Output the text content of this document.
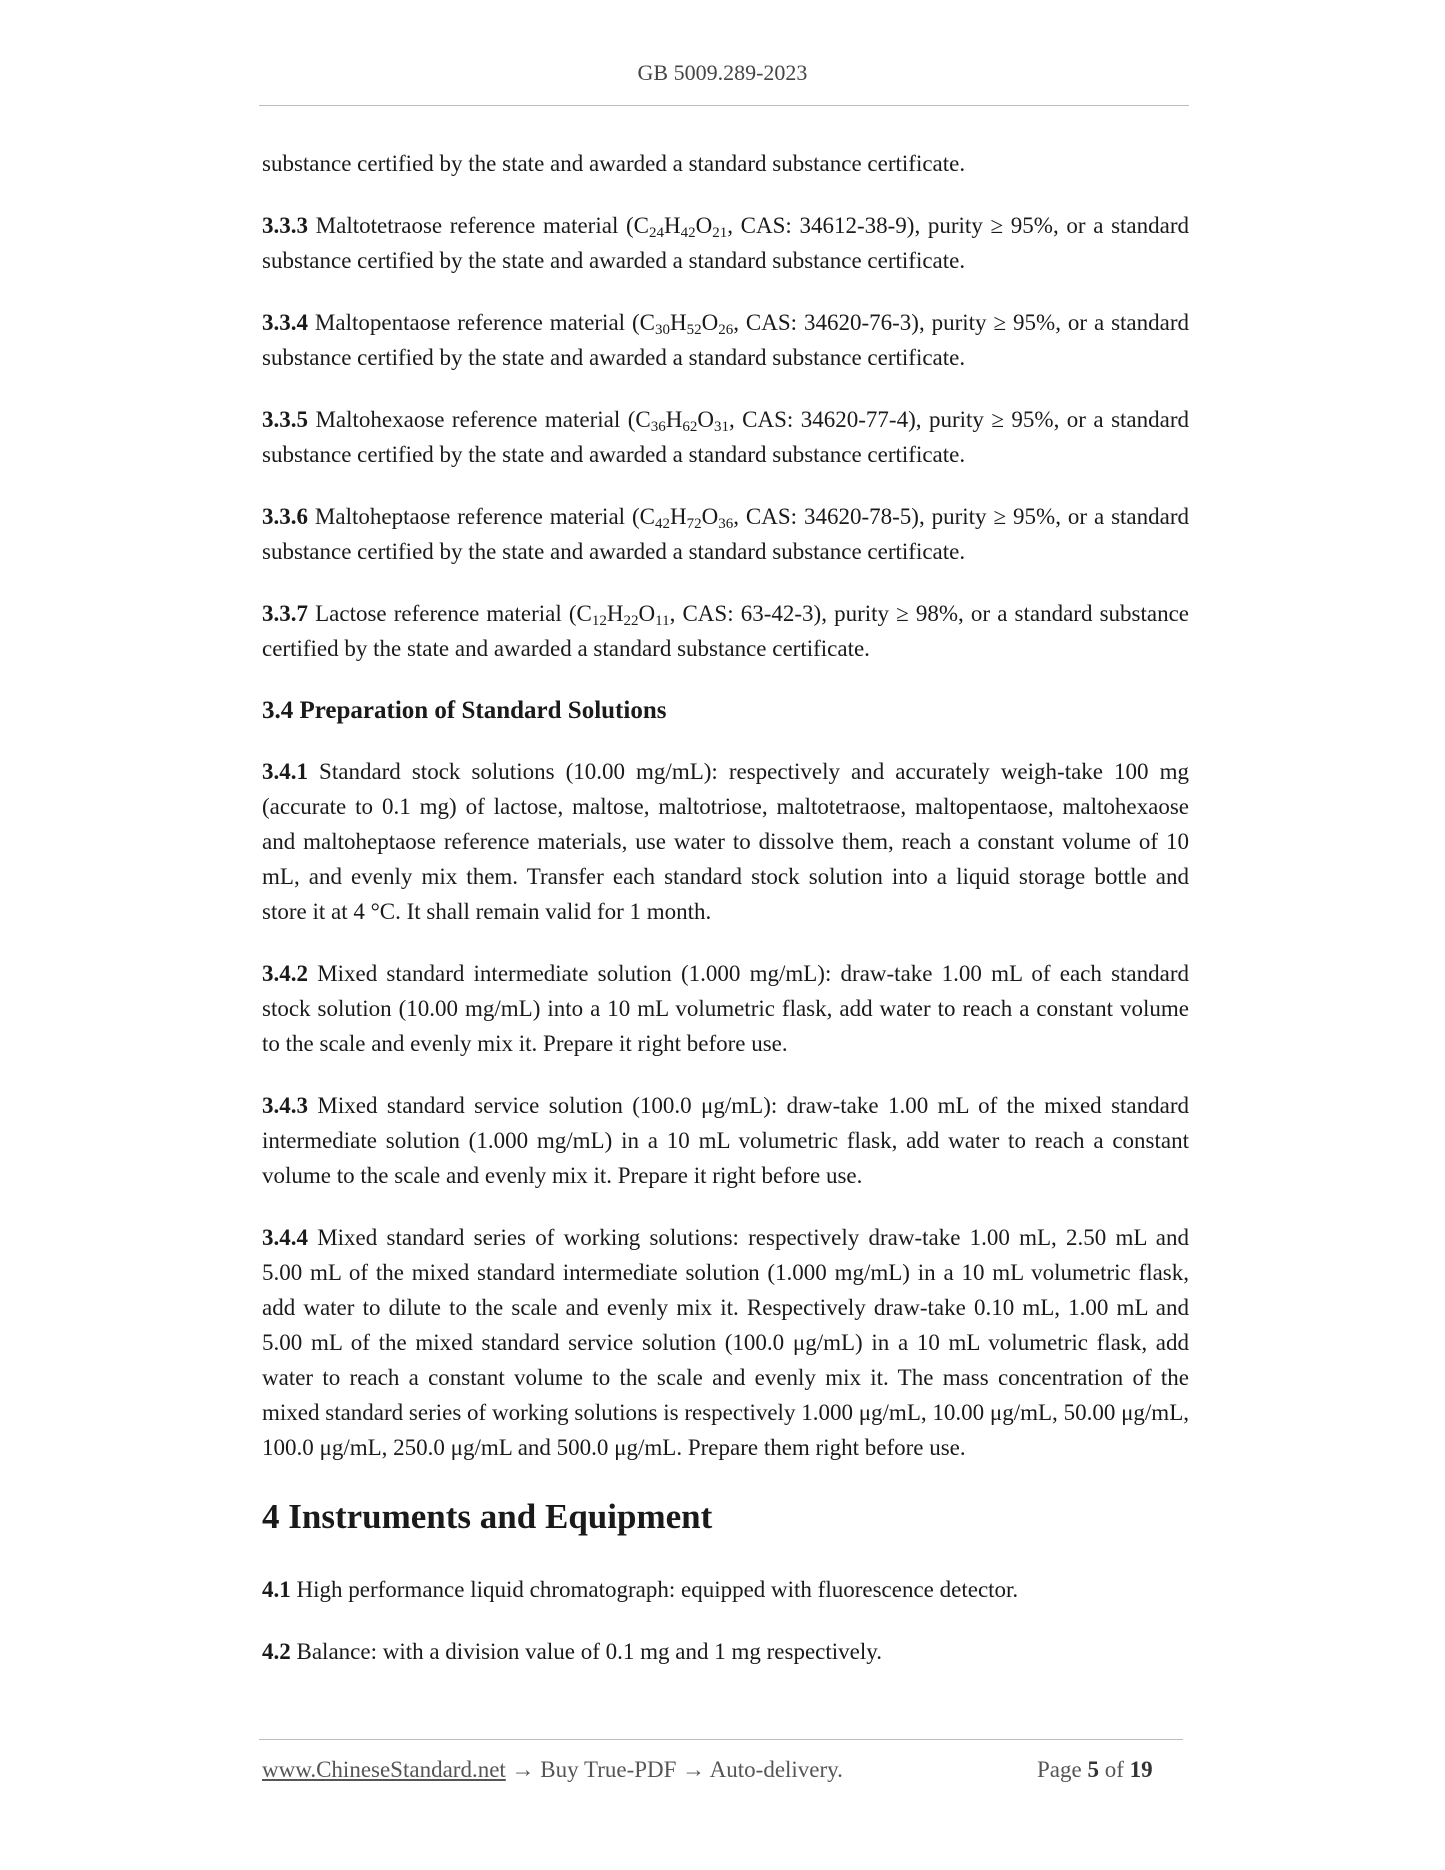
GB 5009.289-2023

substance certified by the state and awarded a standard substance certificate.

3.3.3 Maltotetraose reference material ($C_{24}H_{42}O_{21}$, CAS: 34612-38-9), purity ≥ 95%, or a standard substance certified by the state and awarded a standard substance certificate.

3.3.4 Maltopentaose reference material ($C_{30}H_{52}O_{26}$, CAS: 34620-76-3), purity ≥ 95%, or a standard substance certified by the state and awarded a standard substance certificate.

3.3.5 Maltohexaose reference material ($C_{36}H_{62}O_{31}$, CAS: 34620-77-4), purity ≥ 95%, or a standard substance certified by the state and awarded a standard substance certificate.

3.3.6 Maltoheptaose reference material ($C_{42}H_{72}O_{36}$, CAS: 34620-78-5), purity ≥ 95%, or a standard substance certified by the state and awarded a standard substance certificate.

3.3.7 Lactose reference material ($C_{12}H_{22}O_{11}$, CAS: 63-42-3), purity ≥ 98%, or a standard substance certified by the state and awarded a standard substance certificate.

3.4 Preparation of Standard Solutions

3.4.1 Standard stock solutions (10.00 mg/mL): respectively and accurately weigh-take 100 mg (accurate to 0.1 mg) of lactose, maltose, maltotriose, maltotetraose, maltopentaose, maltohexaose and maltoheptaose reference materials, use water to dissolve them, reach a constant volume of 10 mL, and evenly mix them. Transfer each standard stock solution into a liquid storage bottle and store it at 4 °C. It shall remain valid for 1 month.

3.4.2 Mixed standard intermediate solution (1.000 mg/mL): draw-take 1.00 mL of each standard stock solution (10.00 mg/mL) into a 10 mL volumetric flask, add water to reach a constant volume to the scale and evenly mix it. Prepare it right before use.

3.4.3 Mixed standard service solution (100.0 μg/mL): draw-take 1.00 mL of the mixed standard intermediate solution (1.000 mg/mL) in a 10 mL volumetric flask, add water to reach a constant volume to the scale and evenly mix it. Prepare it right before use.

3.4.4 Mixed standard series of working solutions: respectively draw-take 1.00 mL, 2.50 mL and 5.00 mL of the mixed standard intermediate solution (1.000 mg/mL) in a 10 mL volumetric flask, add water to dilute to the scale and evenly mix it. Respectively draw-take 0.10 mL, 1.00 mL and 5.00 mL of the mixed standard service solution (100.0 μg/mL) in a 10 mL volumetric flask, add water to reach a constant volume to the scale and evenly mix it. The mass concentration of the mixed standard series of working solutions is respectively 1.000 μg/mL, 10.00 μg/mL, 50.00 μg/mL, 100.0 μg/mL, 250.0 μg/mL and 500.0 μg/mL. Prepare them right before use.

4 Instruments and Equipment

4.1 High performance liquid chromatograph: equipped with fluorescence detector.

4.2 Balance: with a division value of 0.1 mg and 1 mg respectively.

www.ChineseStandard.net → Buy True-PDF → Auto-delivery.	Page 5 of 19
